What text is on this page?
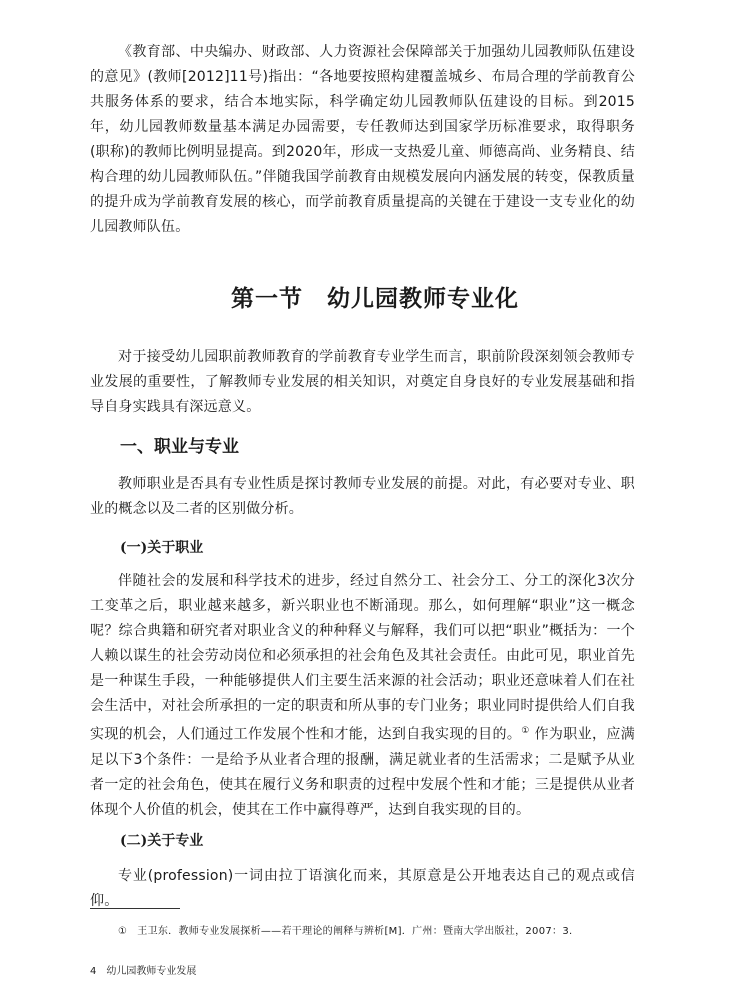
《教育部、中央编办、财政部、人力资源社会保障部关于加强幼儿园教师队伍建设的意见》(教师[2012]11号)指出：“各地要按照构建覆盖城乡、布局合理的学前教育公共服务体系的要求，结合本地实际，科学确定幼儿园教师队伍建设的目标。到2015年，幼儿园教师数量基本满足办园需要，专任教师达到国家学历标准要求，取得职务(职称)的教师比例明显提高。到2020年，形成一支热爱儿童、师德高尚、业务精良、结构合理的幼儿园教师队伍。”伴随我国学前教育由规模发展向内涵发展的转变，保教质量的提升成为学前教育发展的核心，而学前教育质量提高的关键在于建设一支专业化的幼儿园教师队伍。

第一节　幼儿园教师专业化

对于接受幼儿园职前教师教育的学前教育专业学生而言，职前阶段深刻领会教师专业发展的重要性，了解教师专业发展的相关知识，对奠定自身良好的专业发展基础和指导自身实践具有深远意义。

一、职业与专业

教师职业是否具有专业性质是探讨教师专业发展的前提。对此，有必要对专业、职业的概念以及二者的区别做分析。

(一)关于职业

伴随社会的发展和科学技术的进步，经过自然分工、社会分工、分工的深化3次分工变革之后，职业越来越多，新兴职业也不断涌现。那么，如何理解“职业”这一概念呢？综合典籍和研究者对职业含义的种种释义与解释，我们可以把“职业”概括为：一个人赖以谋生的社会劳动岗位和必须承担的社会角色及其社会责任。由此可见，职业首先是一种谋生手段，一种能够提供人们主要生活来源的社会活动；职业还意味着人们在社会生活中，对社会所承担的一定的职责和所从事的专门业务；职业同时提供给人们自我实现的机会，人们通过工作发展个性和才能，达到自我实现的目的。① 作为职业，应满足以下3个条件：一是给予从业者合理的报酬，满足就业者的生活需求；二是赋予从业者一定的社会角色，使其在履行义务和职责的过程中发展个性和才能；三是提供从业者体现个人价值的机会，使其在工作中赢得尊严，达到自我实现的目的。

(二)关于专业

专业(profession)一词由拉丁语演化而来，其原意是公开地表达自己的观点或信仰。

① 王卫东．教师专业发展探析——若干理论的阐释与辨析[M]．广州：暨南大学出版社，2007：3.

4 幼儿园教师专业发展
